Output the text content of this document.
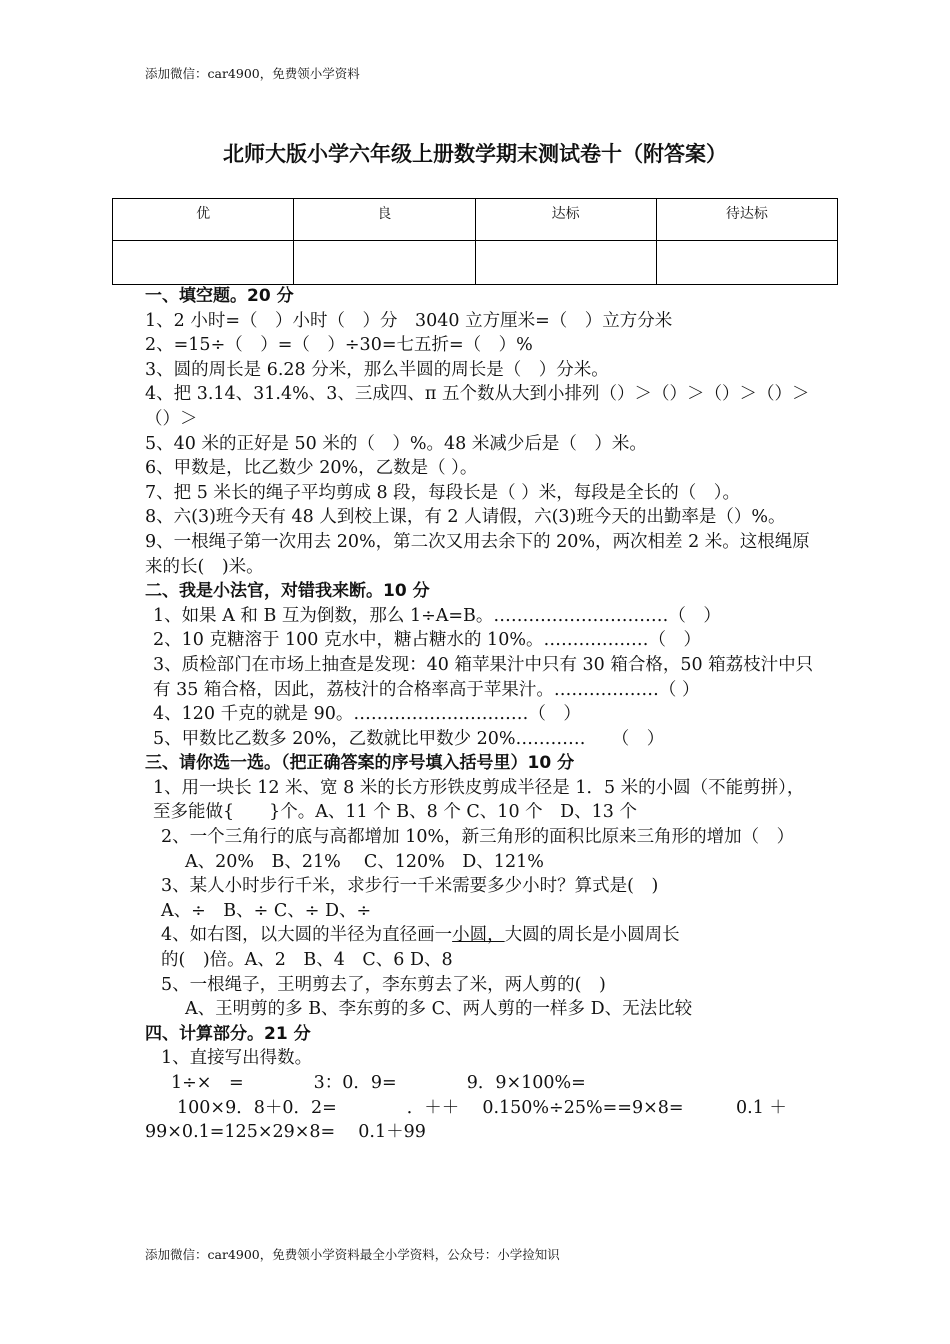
添加微信：car4900，免费领小学资料
北师大版小学六年级上册数学期末测试卷十（附答案）
优	良	达标	待达标

一、填空题。20 分

1、2 小时=（　）小时（　）分　3040 立方厘米=（　）立方分米

2、=15÷（　）=（　）÷30=七五折=（　）%

3、圆的周长是 6.28 分米，那么半圆的周长是（　）分米。

4、把 3.14、31.4%、3、三成四、π 五个数从大到小排列（）＞（）＞（）＞（）＞（）＞

5、40 米的正好是 50 米的（　）%。48 米减少后是（　）米。

6、甲数是，比乙数少 20%，乙数是（ ）。

7、把 5 米长的绳子平均剪成 8 段，每段长是（ ）米，每段是全长的（　）。

8、六(3)班今天有 48 人到校上课，有 2 人请假，六(3)班今天的出勤率是（）%。

9、一根绳子第一次用去 20%，第二次又用去余下的 20%，两次相差 2 米。这根绳原来的长(　)米。

二、我是小法官，对错我来断。10 分

1、如果 A 和 B 互为倒数，那么 1÷A=B。…………………………（　）

2、10 克糖溶于 100 克水中，糖占糖水的 10%。………………（　）

3、质检部门在市场上抽查是发现：40 箱苹果汁中只有 30 箱合格，50 箱荔枝汁中只有 35 箱合格，因此，荔枝汁的合格率高于苹果汁。………………（ ）

4、120 千克的就是 90。…………………………（　）

5、甲数比乙数多 20%，乙数就比甲数少 20%…………　　（　）

三、请你选一选。（把正确答案的序号填入括号里）10 分

1、用一块长 12 米、宽 8 米的长方形铁皮剪成半径是 1．5 米的小圆（不能剪拼），至多能做{　　}个。A、11 个 B、8 个 C、10 个　D、13 个

2、一个三角行的底与高都增加 10%，新三角形的面积比原来三角形的增加（　）

A、20%　B、21%　 C、120%　D、121%

3、某人小时步行千米，求步行一千米需要多少小时？算式是(　)

A、÷　B、÷ C、÷ D、÷

4、如右图，以大圆的半径为直径画一小圆，大圆的周长是小圆周长

的(　)倍。A、2　B、4　C、6 D、8

5、一根绳子，王明剪去了，李东剪去了米，两人剪的(　)

A、王明剪的多 B、李东剪的多 C、两人剪的一样多 D、无法比较

四、计算部分。21 分

1、直接写出得数。

1÷×　=　　　　3：0．9=　　　　9．9×100%=

100×9．8＋0．2=　　　　．＋＋　 0.150%÷25%==9×8=　　　0.1 ＋

99×0.1=125×29×8=　 0.1＋99

添加微信：car4900，免费领小学资料最全小学资料，公众号：小学捡知识
